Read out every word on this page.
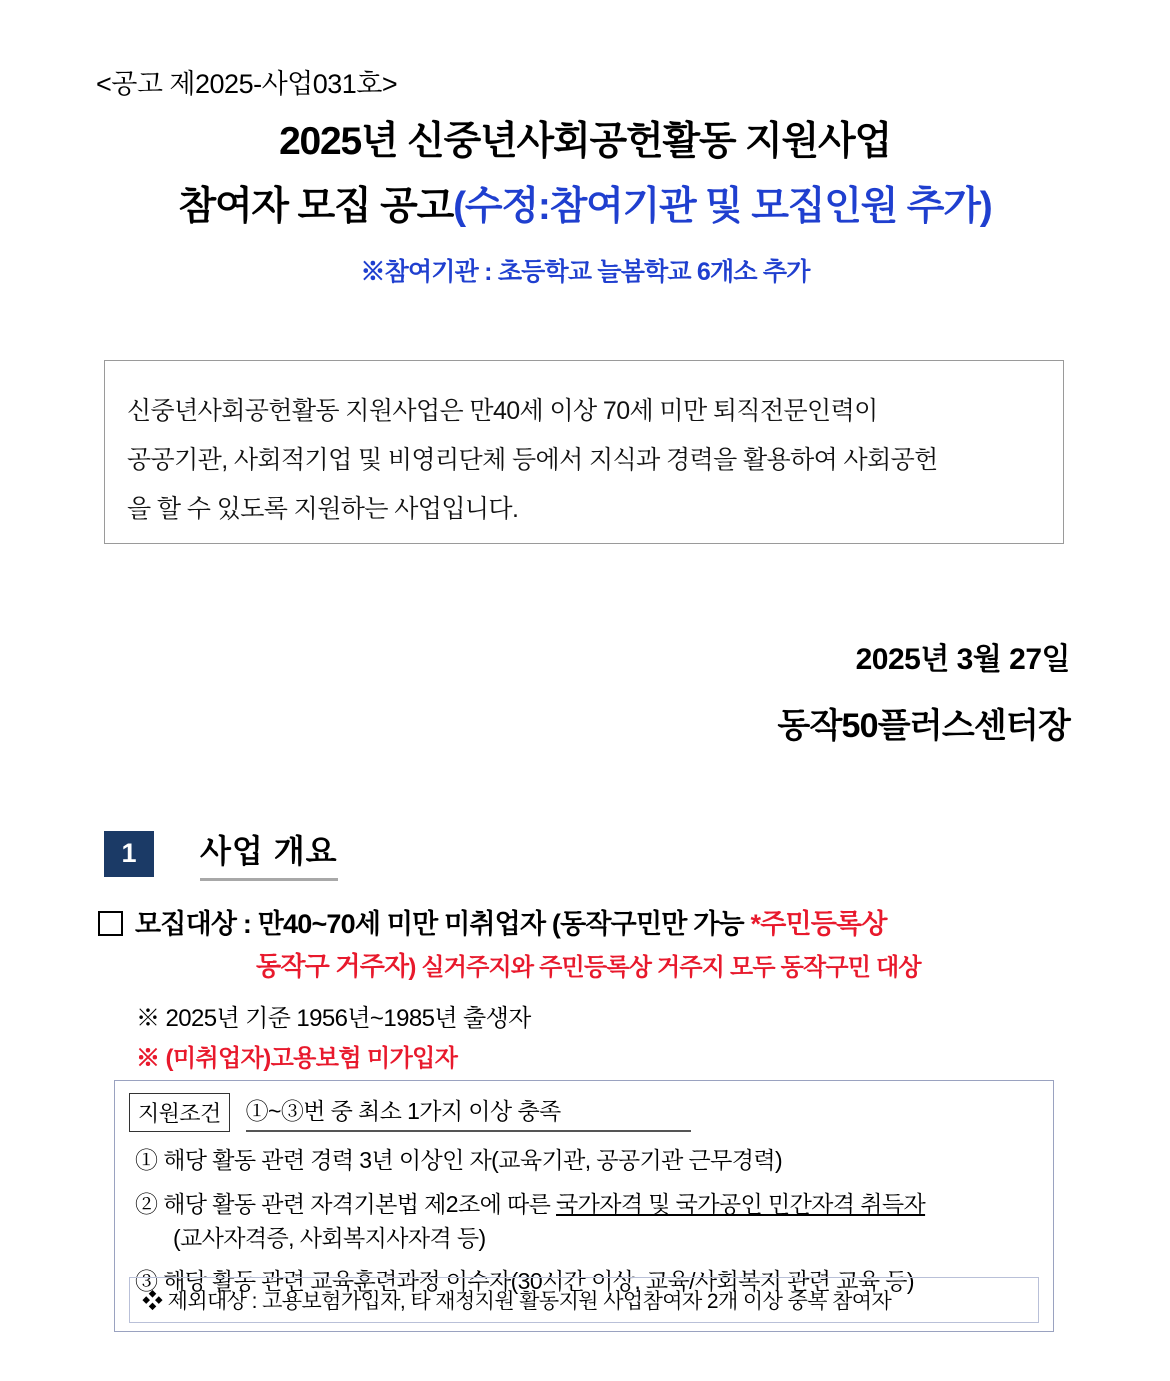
<공고 제2025-사업031호>
2025년 신중년사회공헌활동 지원사업
참여자 모집 공고(수정:참여기관 및 모집인원 추가)
※참여기관 : 초등학교 늘봄학교 6개소 추가
신중년사회공헌활동 지원사업은 만40세 이상 70세 미만 퇴직전문인력이
공공기관, 사회적기업 및 비영리단체 등에서 지식과 경력을 활용하여 사회공헌
을 할 수 있도록 지원하는 사업입니다.
2025년 3월 27일
동작50플러스센터장
1	사업 개요
모집대상 : 만40~70세 미만 미취업자 (동작구민만 가능 *주민등록상
동작구 거주자) 실거주지와 주민등록상 거주지 모두 동작구민 대상
※ 2025년 기준 1956년~1985년 출생자
※ (미취업자)고용보험 미가입자
지원조건	①~③번 중 최소 1가지 이상 충족
① 해당 활동 관련 경력 3년 이상인 자(교육기관, 공공기관 근무경력)
② 해당 활동 관련 자격기본법 제2조에 따른 국가자격 및 국가공인 민간자격 취득자
(교사자격증, 사회복지사자격 등)
③ 해당 활동 관련 교육훈련과정 이수자(30시간 이상, 교육/사회복지 관련 교육 등)
❖ 제외대상 : 고용보험가입자, 타 재정지원 활동지원 사업참여자 2개 이상 중복 참여자
